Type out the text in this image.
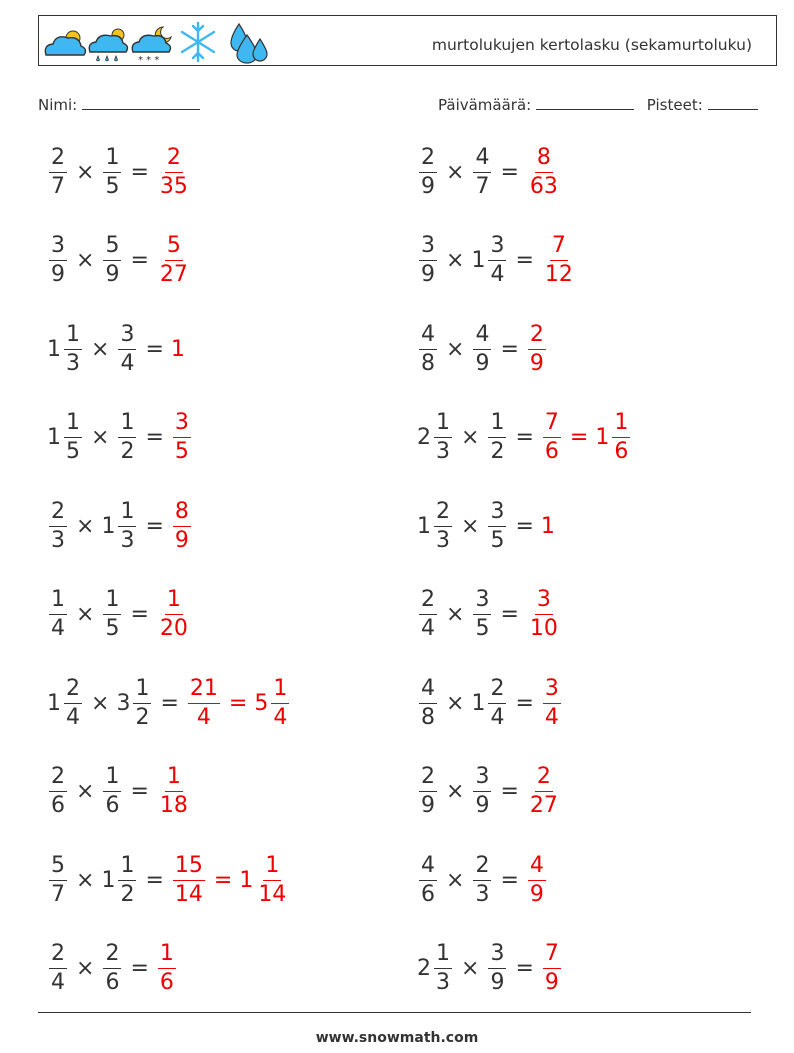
* * *
murtolukujen kertolasku (sekamurtoluku)
Nimi:	Päivämäärä:	Pisteet:
$\frac{2}{7} \times \frac{1}{5} = \frac{2}{35}$	$\frac{2}{9} \times \frac{4}{7} = \frac{8}{63}$
$\frac{3}{9} \times \frac{5}{9} = \frac{5}{27}$	$\frac{3}{9} \times 1 \frac{3}{4} = \frac{7}{12}$
$1 \frac{1}{3} \times \frac{3}{4} = 1$	$\frac{4}{8} \times \frac{4}{9} = \frac{2}{9}$
$1 \frac{1}{5} \times \frac{1}{2} = \frac{3}{5}$	$2 \frac{1}{3} \times \frac{1}{2} = \frac{7}{6} = 1 \frac{1}{6}$
$\frac{2}{3} \times 1 \frac{1}{3} = \frac{8}{9}$	$1 \frac{2}{3} \times \frac{3}{5} = 1$
$\frac{1}{4} \times \frac{1}{5} = \frac{1}{20}$	$\frac{2}{4} \times \frac{3}{5} = \frac{3}{10}$
$1 \frac{2}{4} \times 3 \frac{1}{2} = \frac{21}{4} = 5 \frac{1}{4}$	$\frac{4}{8} \times 1 \frac{2}{4} = \frac{3}{4}$
$\frac{2}{6} \times \frac{1}{6} = \frac{1}{18}$	$\frac{2}{9} \times \frac{3}{9} = \frac{2}{27}$
$\frac{5}{7} \times 1 \frac{1}{2} = \frac{15}{14} = 1 \frac{1}{14}$	$\frac{4}{6} \times \frac{2}{3} = \frac{4}{9}$
$\frac{2}{4} \times \frac{2}{6} = \frac{1}{6}$	$2 \frac{1}{3} \times \frac{3}{9} = \frac{7}{9}$
www.snowmath.com
